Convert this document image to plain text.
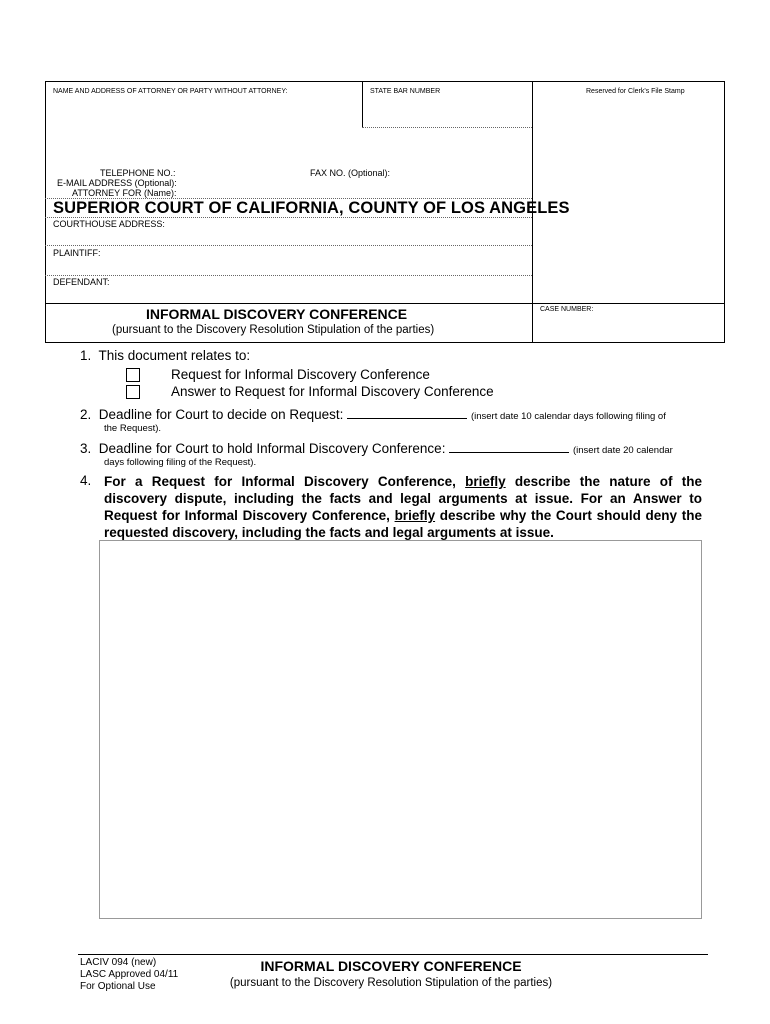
NAME AND ADDRESS OF ATTORNEY OR PARTY WITHOUT ATTORNEY:	STATE BAR NUMBER	Reserved for Clerk's File Stamp
TELEPHONE NO.:	FAX NO. (Optional):
E-MAIL ADDRESS (Optional):
ATTORNEY FOR (Name):
SUPERIOR COURT OF CALIFORNIA, COUNTY OF LOS ANGELES
COURTHOUSE ADDRESS:
PLAINTIFF:
DEFENDANT:
INFORMAL DISCOVERY CONFERENCE
(pursuant to the Discovery Resolution Stipulation of the parties)
CASE NUMBER:
1. This document relates to:
Request for Informal Discovery Conference
Answer to Request for Informal Discovery Conference
2. Deadline for Court to decide on Request:	(insert date 10 calendar days following filing of
the Request).
3. Deadline for Court to hold Informal Discovery Conference:	(insert date 20 calendar
days following filing of the Request).
4. For a Request for Informal Discovery Conference, briefly describe the nature of the discovery dispute, including the facts and legal arguments at issue. For an Answer to Request for Informal Discovery Conference, briefly describe why the Court should deny the requested discovery, including the facts and legal arguments at issue.
LACIV 094 (new)
LASC Approved 04/11
For Optional Use
INFORMAL DISCOVERY CONFERENCE
(pursuant to the Discovery Resolution Stipulation of the parties)
